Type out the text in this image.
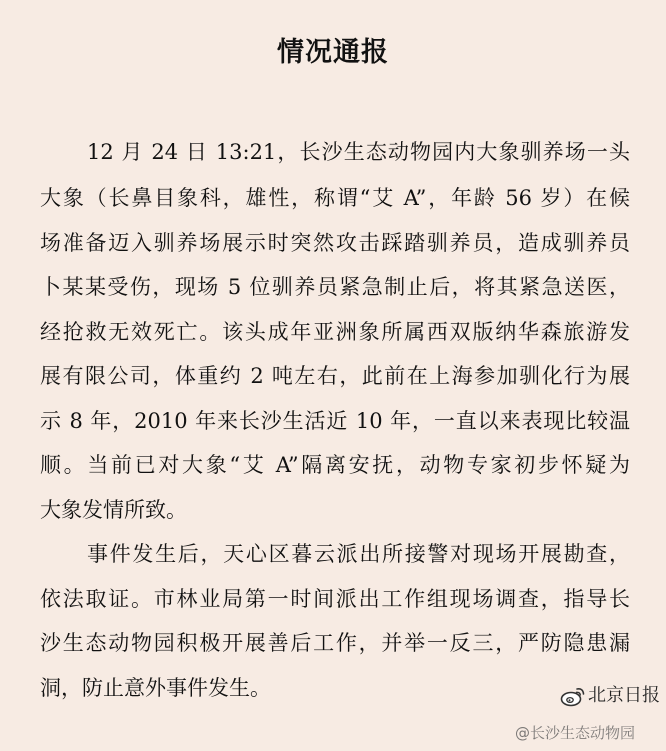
情况通报
12 月 24 日 13:21，长沙生态动物园内大象驯养场一头
大象（长鼻目象科，雄性，称谓“艾 A”，年龄 56 岁）在候
场准备迈入驯养场展示时突然攻击踩踏驯养员，造成驯养员
卜某某受伤，现场 5 位驯养员紧急制止后，将其紧急送医，
经抢救无效死亡。该头成年亚洲象所属西双版纳华森旅游发
展有限公司，体重约 2 吨左右，此前在上海参加驯化行为展
示 8 年，2010 年来长沙生活近 10 年，一直以来表现比较温
顺。当前已对大象“艾 A”隔离安抚，动物专家初步怀疑为
大象发情所致。
事件发生后，天心区暮云派出所接警对现场开展勘查，
依法取证。市林业局第一时间派出工作组现场调查，指导长
沙生态动物园积极开展善后工作，并举一反三，严防隐患漏
洞，防止意外事件发生。	北京日报
@长沙生态动物园
